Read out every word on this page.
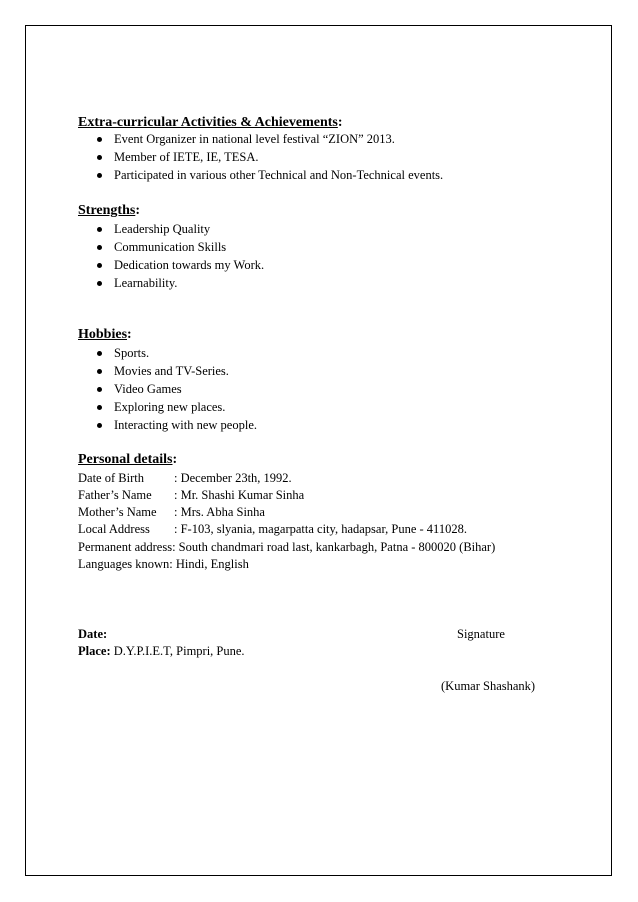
Extra-curricular Activities & Achievements:
Event Organizer in national level festival “ZION” 2013.
Member of IETE, IE, TESA.
Participated in various other Technical and Non-Technical events.
Strengths:
Leadership Quality
Communication Skills
Dedication towards my Work.
Learnability.
Hobbies:
Sports.
Movies and TV-Series.
Video Games
Exploring new places.
Interacting with new people.
Personal details:
Date of Birth : December 23th, 1992.
Father’s Name : Mr. Shashi Kumar Sinha
Mother’s Name : Mrs. Abha Sinha
Local Address : F-103, slyania, magarpatta city, hadapsar, Pune - 411028.
Permanent address: South chandmari road last, kankarbagh, Patna - 800020 (Bihar)
Languages known: Hindi, English
Date:	Signature
Place: D.Y.P.I.E.T, Pimpri, Pune.
(Kumar Shashank)
